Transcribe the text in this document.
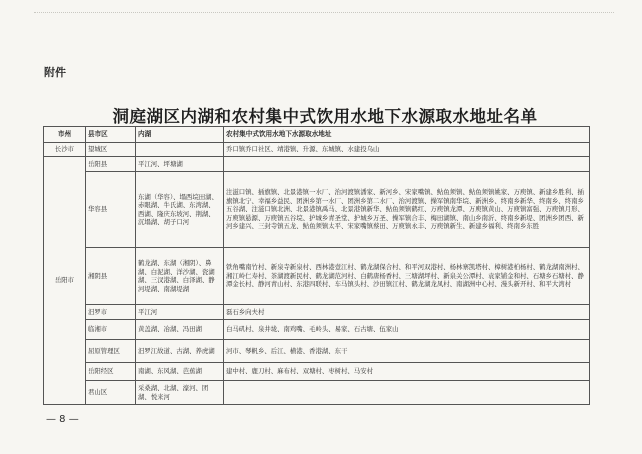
附件
洞庭湖区内湖和农村集中式饮用水地下水源取水地址名单
市州	县市区	内湖	农村集中式饮用水地下水源取水地址
长沙市	望城区		乔口镇乔口社区、靖港镇、升源、东城镇、水建投乌山
岳阳市	岳阳县	平江河、坪塘湖	
	华容县	东湖（华容）、塌西垸田湖、赤眼湖、牛氏湖、东湾湖、西湖、隆庆东坡河、荆湖、沉塌湖、胡子口河	注滋口镇、插旗镇、北景港镇一水厂、治河渡镇潘家、新河乡、宋家嘴镇、鲇鱼须镇、鲇鱼须镇姚家、万庾镇、新建乡胜利、插旗镇北宁、幸福乡益民、团洲乡第一水厂、团洲乡第二水厂、治河渡镇、操军镇南华垸、新洲乡、终南乡新华、终南乡、终南乡五谷湖、注滋口镇北洲、北景港镇禹马、北景港镇新华、鲇鱼须镇鹤红、万庾镇龙潭、万庾镇黄山、万庾镇富强、万庾镇月形、万庾镇悬源、万庾镇五谷垸、护城乡青圣堂、护城乡万圣、操军镇合丰、梅田湖镇、南山乡南沂、终南乡新堤、团洲乡团西、新河乡建兴、三封寺镇五龙、鲇鱼须镇太平、宋家嘴镇蔡田、万庾镇永丰、万庾镇新生、新建乡福利、终南乡东胜
	湘阴县	鹤龙湖、东湖（湘阴）、鼻湖、白泥湖、洋沙湖、瓷湖湖、三汊港湖、白泽湖、静河堤湖、南湖堤湖	铁角嘴南竹村、新泉寺新泉村、西林港壹江村、鹤龙湖保合村、和平河双港村、杨林寨凯塔村、樟树港柏杨村、鹤龙湖南洲村、湘江岭仁寿村、茶湖渡新民村、鹤龙湖范河村、白鹤唐杨香村、三塘湖坪村、新泉关公潭村、袁家铺金和村、石塘乡石塘村、静潭金长村、静河青山村、东港四联村、车马镇头村、沙田镇江村、鹤龙湖龙凤村、南湖洲中心村、漫头新开村、和平大湾村
	汨罗市	平江河	磊石乡向夫村
	临湘市	黄盖湖、冶湖、冯田湖	白马矶村、泉井垅、南鸡嘴、毛岭头、易家、石古塘、伍家山
	屈原管理区	汨罗江故道、古湖、养虎湖	河市、琴帆乡、后江、横港、香港湖、东干
	岳阳经区	南湖、东风湖、芭蕉湖	建中村、鹿刀村、麻布村、双塘村、枣树村、马安村
	君山区	采桑湖、北湖、濠河、团湖、悦来河	
— 8 —
